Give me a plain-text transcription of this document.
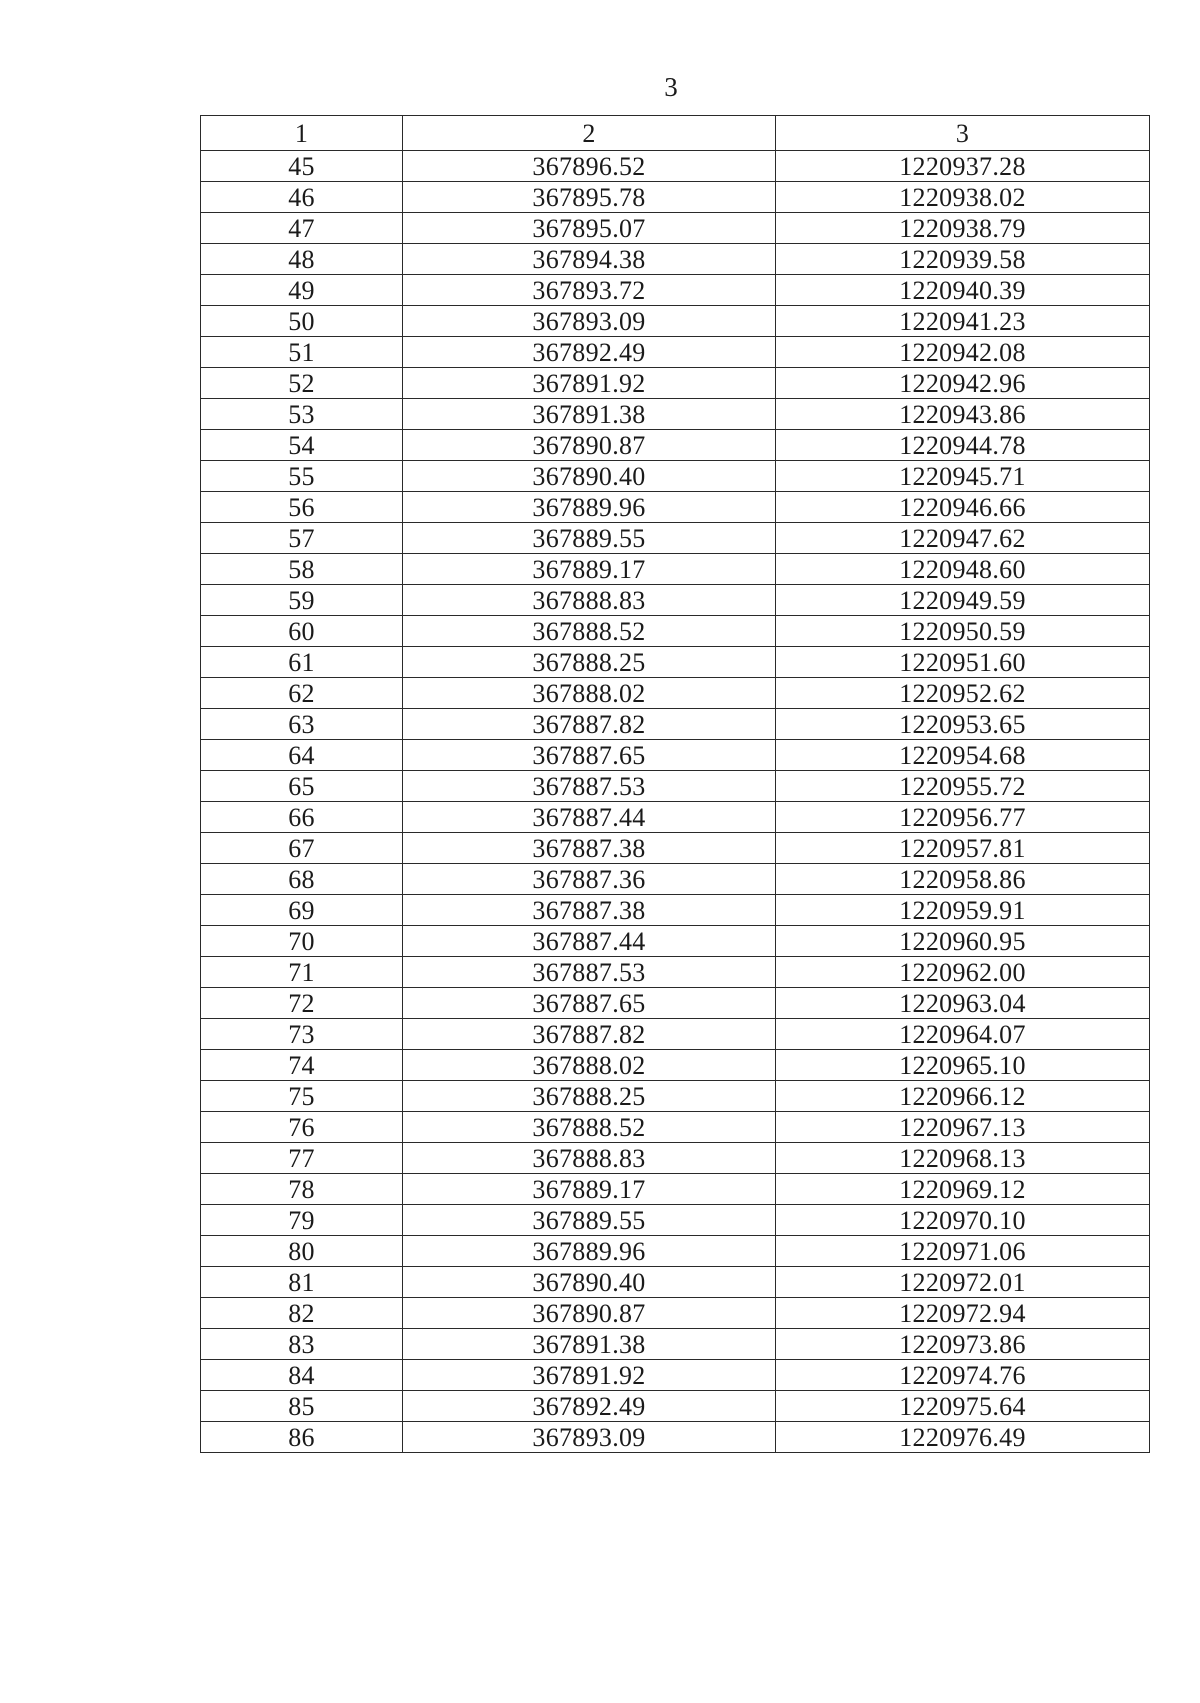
3
1	2	3
45	367896.52	1220937.28
46	367895.78	1220938.02
47	367895.07	1220938.79
48	367894.38	1220939.58
49	367893.72	1220940.39
50	367893.09	1220941.23
51	367892.49	1220942.08
52	367891.92	1220942.96
53	367891.38	1220943.86
54	367890.87	1220944.78
55	367890.40	1220945.71
56	367889.96	1220946.66
57	367889.55	1220947.62
58	367889.17	1220948.60
59	367888.83	1220949.59
60	367888.52	1220950.59
61	367888.25	1220951.60
62	367888.02	1220952.62
63	367887.82	1220953.65
64	367887.65	1220954.68
65	367887.53	1220955.72
66	367887.44	1220956.77
67	367887.38	1220957.81
68	367887.36	1220958.86
69	367887.38	1220959.91
70	367887.44	1220960.95
71	367887.53	1220962.00
72	367887.65	1220963.04
73	367887.82	1220964.07
74	367888.02	1220965.10
75	367888.25	1220966.12
76	367888.52	1220967.13
77	367888.83	1220968.13
78	367889.17	1220969.12
79	367889.55	1220970.10
80	367889.96	1220971.06
81	367890.40	1220972.01
82	367890.87	1220972.94
83	367891.38	1220973.86
84	367891.92	1220974.76
85	367892.49	1220975.64
86	367893.09	1220976.49
